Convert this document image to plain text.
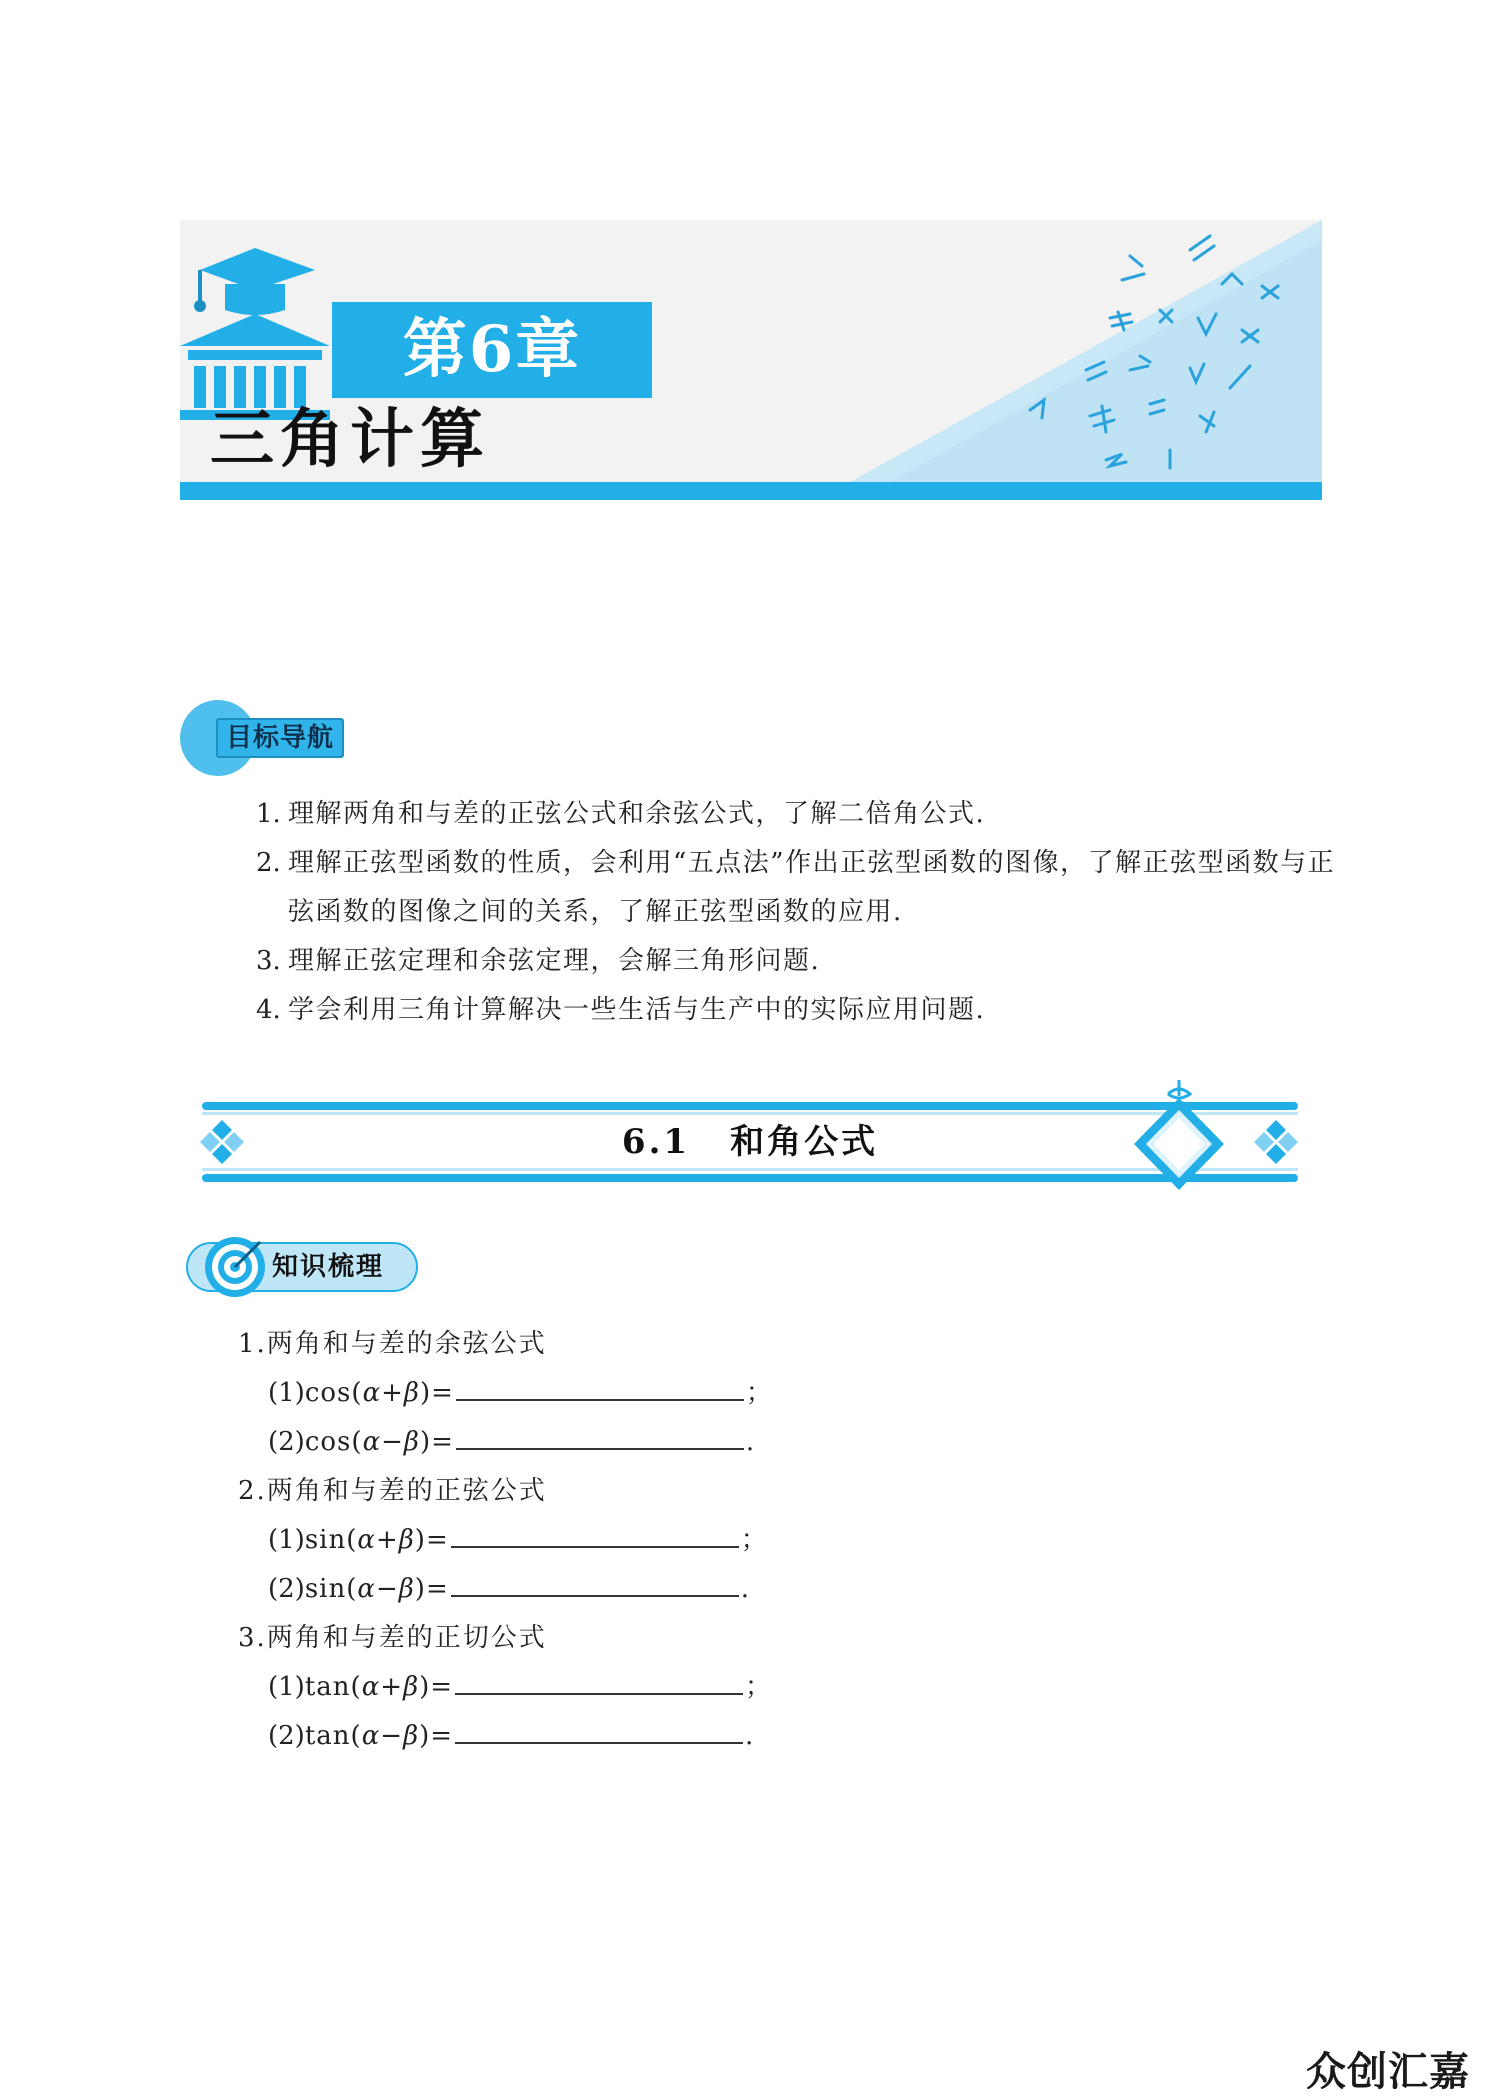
第6章
三角计算
目标导航
1. 理解两角和与差的正弦公式和余弦公式，了解二倍角公式.
2. 理解正弦型函数的性质，会利用“五点法”作出正弦型函数的图像，了解正弦型函数与正弦函数的图像之间的关系，了解正弦型函数的应用.
3. 理解正弦定理和余弦定理，会解三角形问题.
4. 学会利用三角计算解决一些生活与生产中的实际应用问题.
6.1 和角公式
知识梳理
1.两角和与差的余弦公式
(1) cos(α+β)=	；
(2) cos(α−β)=	.
2.两角和与差的正弦公式
(1) sin(α+β)=	；
(2) sin(α−β)=	.
3.两角和与差的正切公式
(1) tan(α+β)=	；
(2) tan(α−β)=	.
众创汇嘉
